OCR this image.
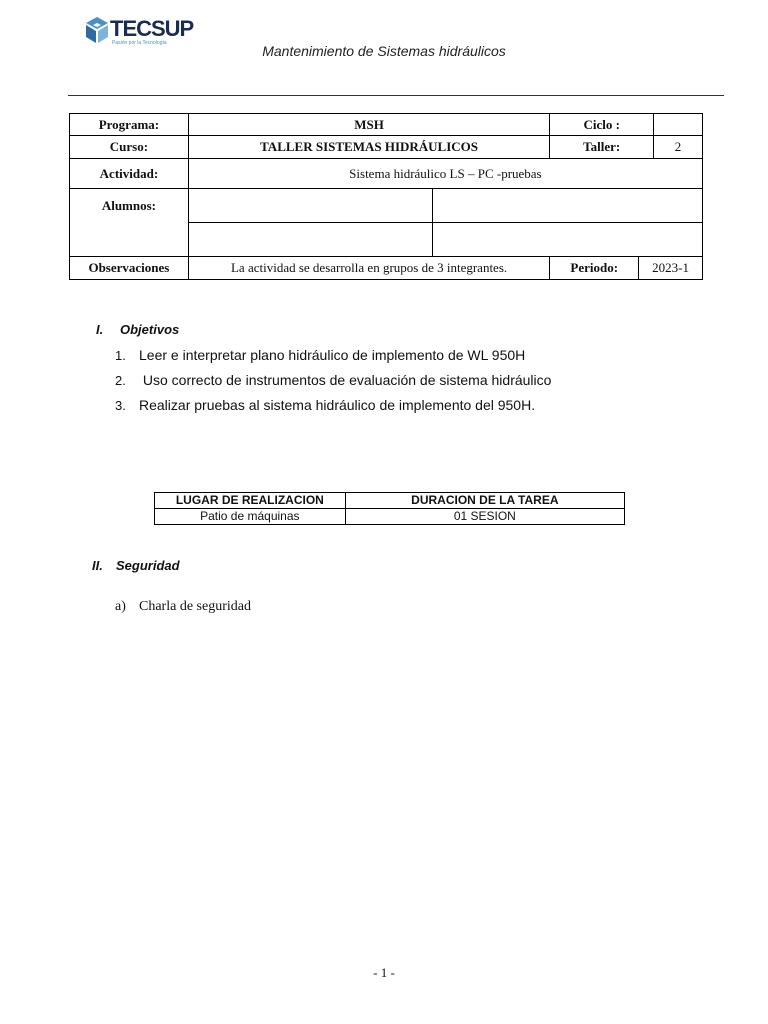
TECSUP
Pasión por la Tecnología	Mantenimiento de Sistemas hidráulicos
Programa:	MSH		Ciclo :		
Curso:	TALLER SISTEMAS HIDRÁULICOS		Taller:		2
Actividad:	Sistema hidráulico LS – PC -pruebas				
Alumnos:					

Observaciones	La actividad se desarrolla en grupos de 3 integrantes.		Periodo:	2023-1	
I. Objetivos
1. Leer e interpretar plano hidráulico de implemento de WL 950H
2. Uso correcto de instrumentos de evaluación de sistema hidráulico
3. Realizar pruebas al sistema hidráulico de implemento del 950H.
LUGAR DE REALIZACION	DURACION DE LA TAREA
Patio de máquinas	01 SESION
II. Seguridad
a) Charla de seguridad
- 1 -
